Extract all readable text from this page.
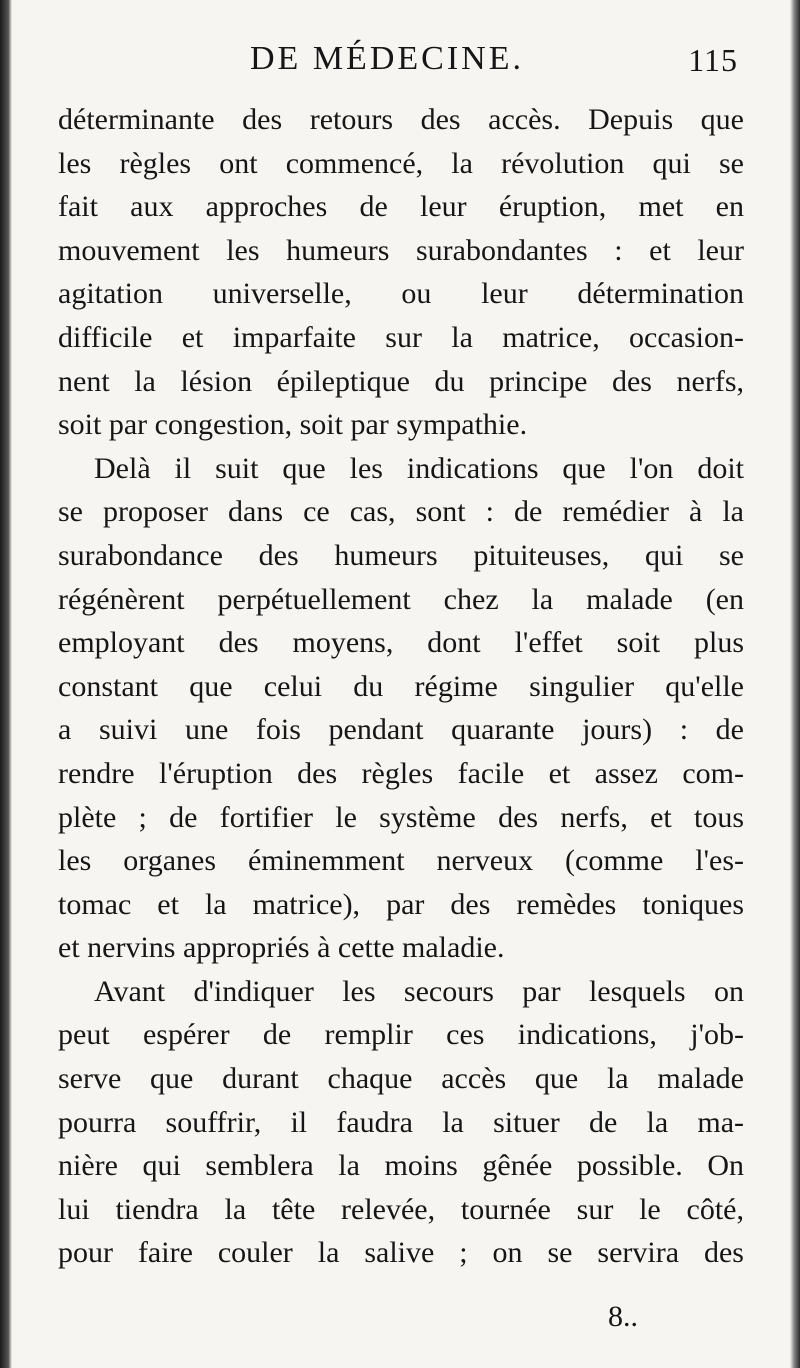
DE MÉDECINE.	115
déterminante des retours des accès. Depuis que
les règles ont commencé, la révolution qui se
fait aux approches de leur éruption, met en
mouvement les humeurs surabondantes : et leur
agitation universelle, ou leur détermination
difficile et imparfaite sur la matrice, occasion-
nent la lésion épileptique du principe des nerfs,
soit par congestion, soit par sympathie.
Delà il suit que les indications que l'on doit
se proposer dans ce cas, sont : de remédier à la
surabondance des humeurs pituiteuses, qui se
régénèrent perpétuellement chez la malade (en
employant des moyens, dont l'effet soit plus
constant que celui du régime singulier qu'elle
a suivi une fois pendant quarante jours) : de
rendre l'éruption des règles facile et assez com-
plète ; de fortifier le système des nerfs, et tous
les organes éminemment nerveux (comme l'es-
tomac et la matrice), par des remèdes toniques
et nervins appropriés à cette maladie.
Avant d'indiquer les secours par lesquels on
peut espérer de remplir ces indications, j'ob-
serve que durant chaque accès que la malade
pourra souffrir, il faudra la situer de la ma-
nière qui semblera la moins gênée possible. On
lui tiendra la tête relevée, tournée sur le côté,
pour faire couler la salive ; on se servira des
8..
